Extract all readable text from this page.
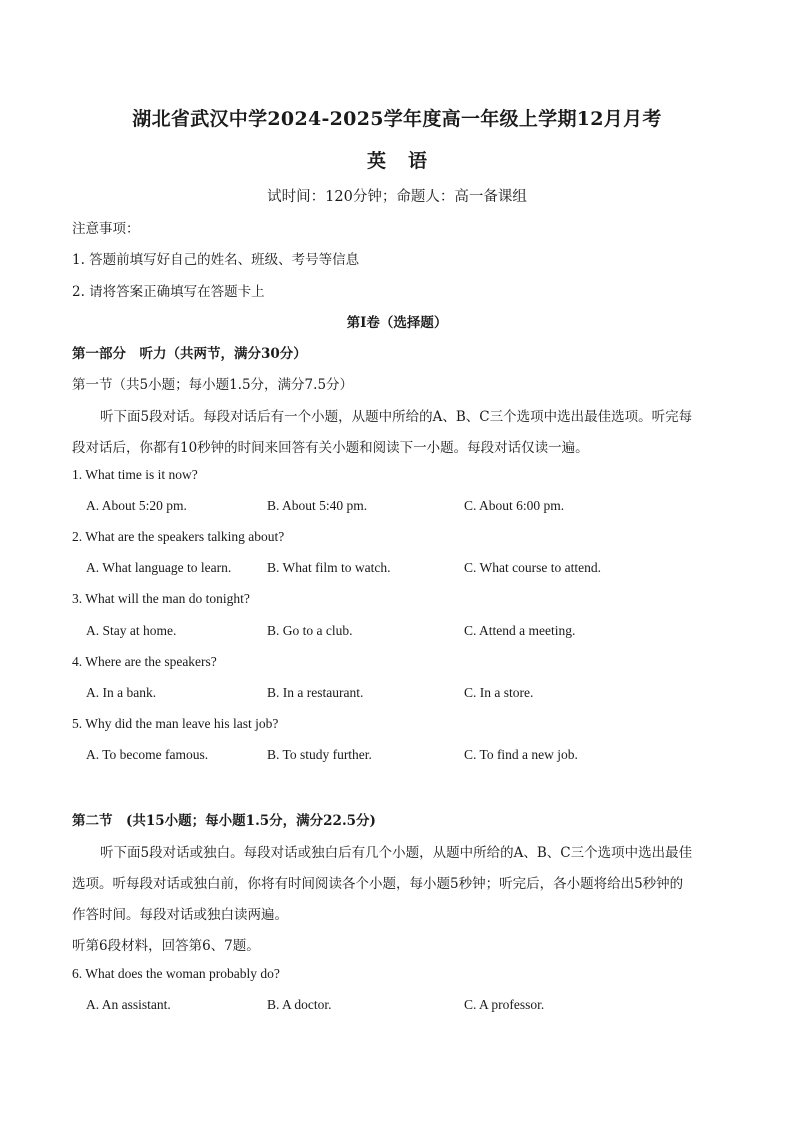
湖北省武汉中学2024-2025学年度高一年级上学期12月月考
英 语
试时间：120分钟；命题人：高一备课组
注意事项：
1. 答题前填写好自己的姓名、班级、考号等信息
2. 请将答案正确填写在答题卡上
第I卷（选择题）
第一部分　听力（共两节，满分30分）
第一节（共5小题；每小题1.5分，满分7.5分）
听下面5段对话。每段对话后有一个小题，从题中所给的A、B、C三个选项中选出最佳选项。听完每
段对话后，你都有10秒钟的时间来回答有关小题和阅读下一小题。每段对话仅读一遍。
1. What time is it now?
A. About 5:20 pm.	B. About 5:40 pm.	C. About 6:00 pm.
2. What are the speakers talking about?
A. What language to learn.	B. What film to watch.	C. What course to attend.
3. What will the man do tonight?
A. Stay at home.	B. Go to a club.	C. Attend a meeting.
4. Where are the speakers?
A. In a bank.	B. In a restaurant.	C. In a store.
5. Why did the man leave his last job?
A. To become famous.	B. To study further.	C. To find a new job.
第二节　(共15小题；每小题1.5分，满分22.5分)
听下面5段对话或独白。每段对话或独白后有几个小题，从题中所给的A、B、C三个选项中选出最佳
选项。听每段对话或独白前，你将有时间阅读各个小题，每小题5秒钟；听完后，各小题将给出5秒钟的
作答时间。每段对话或独白读两遍。
听第6段材料，回答第6、7题。
6. What does the woman probably do?
A. An assistant.	B. A doctor.	C. A professor.
